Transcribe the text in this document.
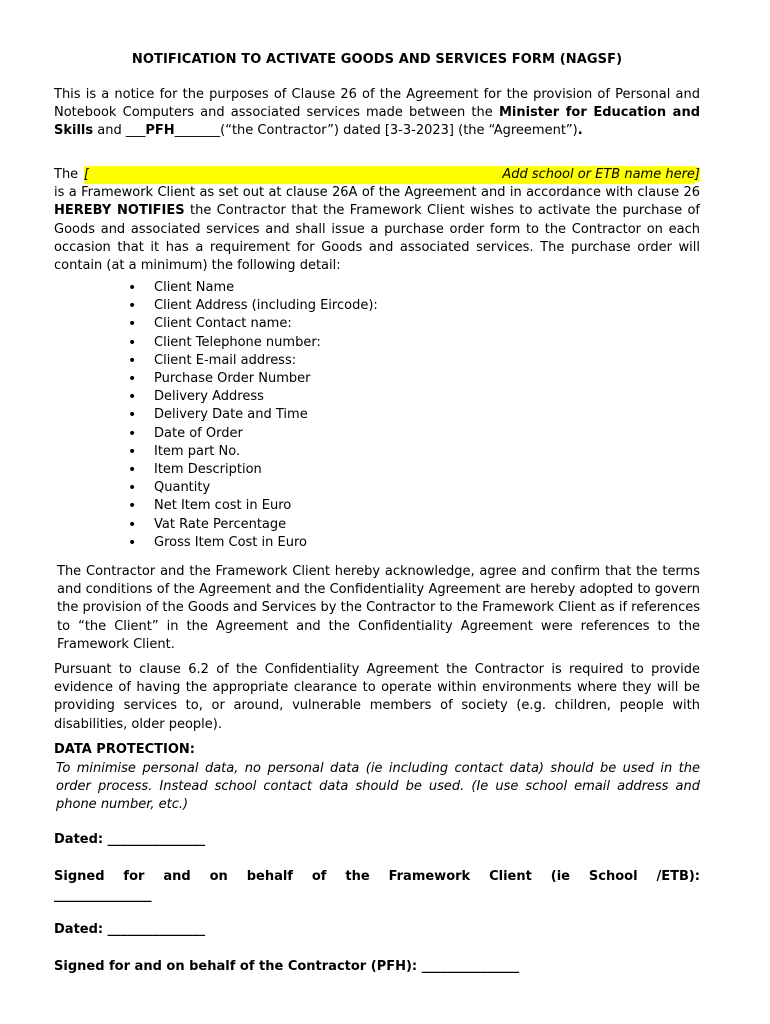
NOTIFICATION TO ACTIVATE GOODS AND SERVICES FORM (NAGSF)

This is a notice for the purposes of Clause 26 of the Agreement for the provision of Personal and Notebook Computers and associated services made between the Minister for Education and Skills and ___PFH_______(“the Contractor”) dated [3-3-2023] (the “Agreement”).

The [	Add school or ETB name here ] is a Framework Client as set out at clause 26A of the Agreement and in accordance with clause 26 HEREBY NOTIFIES the Contractor that the Framework Client wishes to activate the purchase of Goods and associated services and shall issue a purchase order form to the Contractor on each occasion that it has a requirement for Goods and associated services. The purchase order will contain (at a minimum) the following detail:

• Client Name
• Client Address (including Eircode):
• Client Contact name:
• Client Telephone number:
• Client E-mail address:
• Purchase Order Number
• Delivery Address
• Delivery Date and Time
• Date of Order
• Item part No.
• Item Description
• Quantity
• Net Item cost in Euro
• Vat Rate Percentage
• Gross Item Cost in Euro

The Contractor and the Framework Client hereby acknowledge, agree and confirm that the terms and conditions of the Agreement and the Confidentiality Agreement are hereby adopted to govern the provision of the Goods and Services by the Contractor to the Framework Client as if references to “the Client” in the Agreement and the Confidentiality Agreement were references to the Framework Client.

Pursuant to clause 6.2 of the Confidentiality Agreement the Contractor is required to provide evidence of having the appropriate clearance to operate within environments where they will be providing services to, or around, vulnerable members of society (e.g. children, people with disabilities, older people).

DATA PROTECTION:

To minimise personal data, no personal data (ie including contact data) should be used in the order process. Instead school contact data should be used. (Ie use school email address and phone number, etc.)

Dated: _______________
Signed for and on behalf of the Framework Client (ie School /ETB):
_______________
Dated: _______________
Signed for and on behalf of the Contractor (PFH): _______________
